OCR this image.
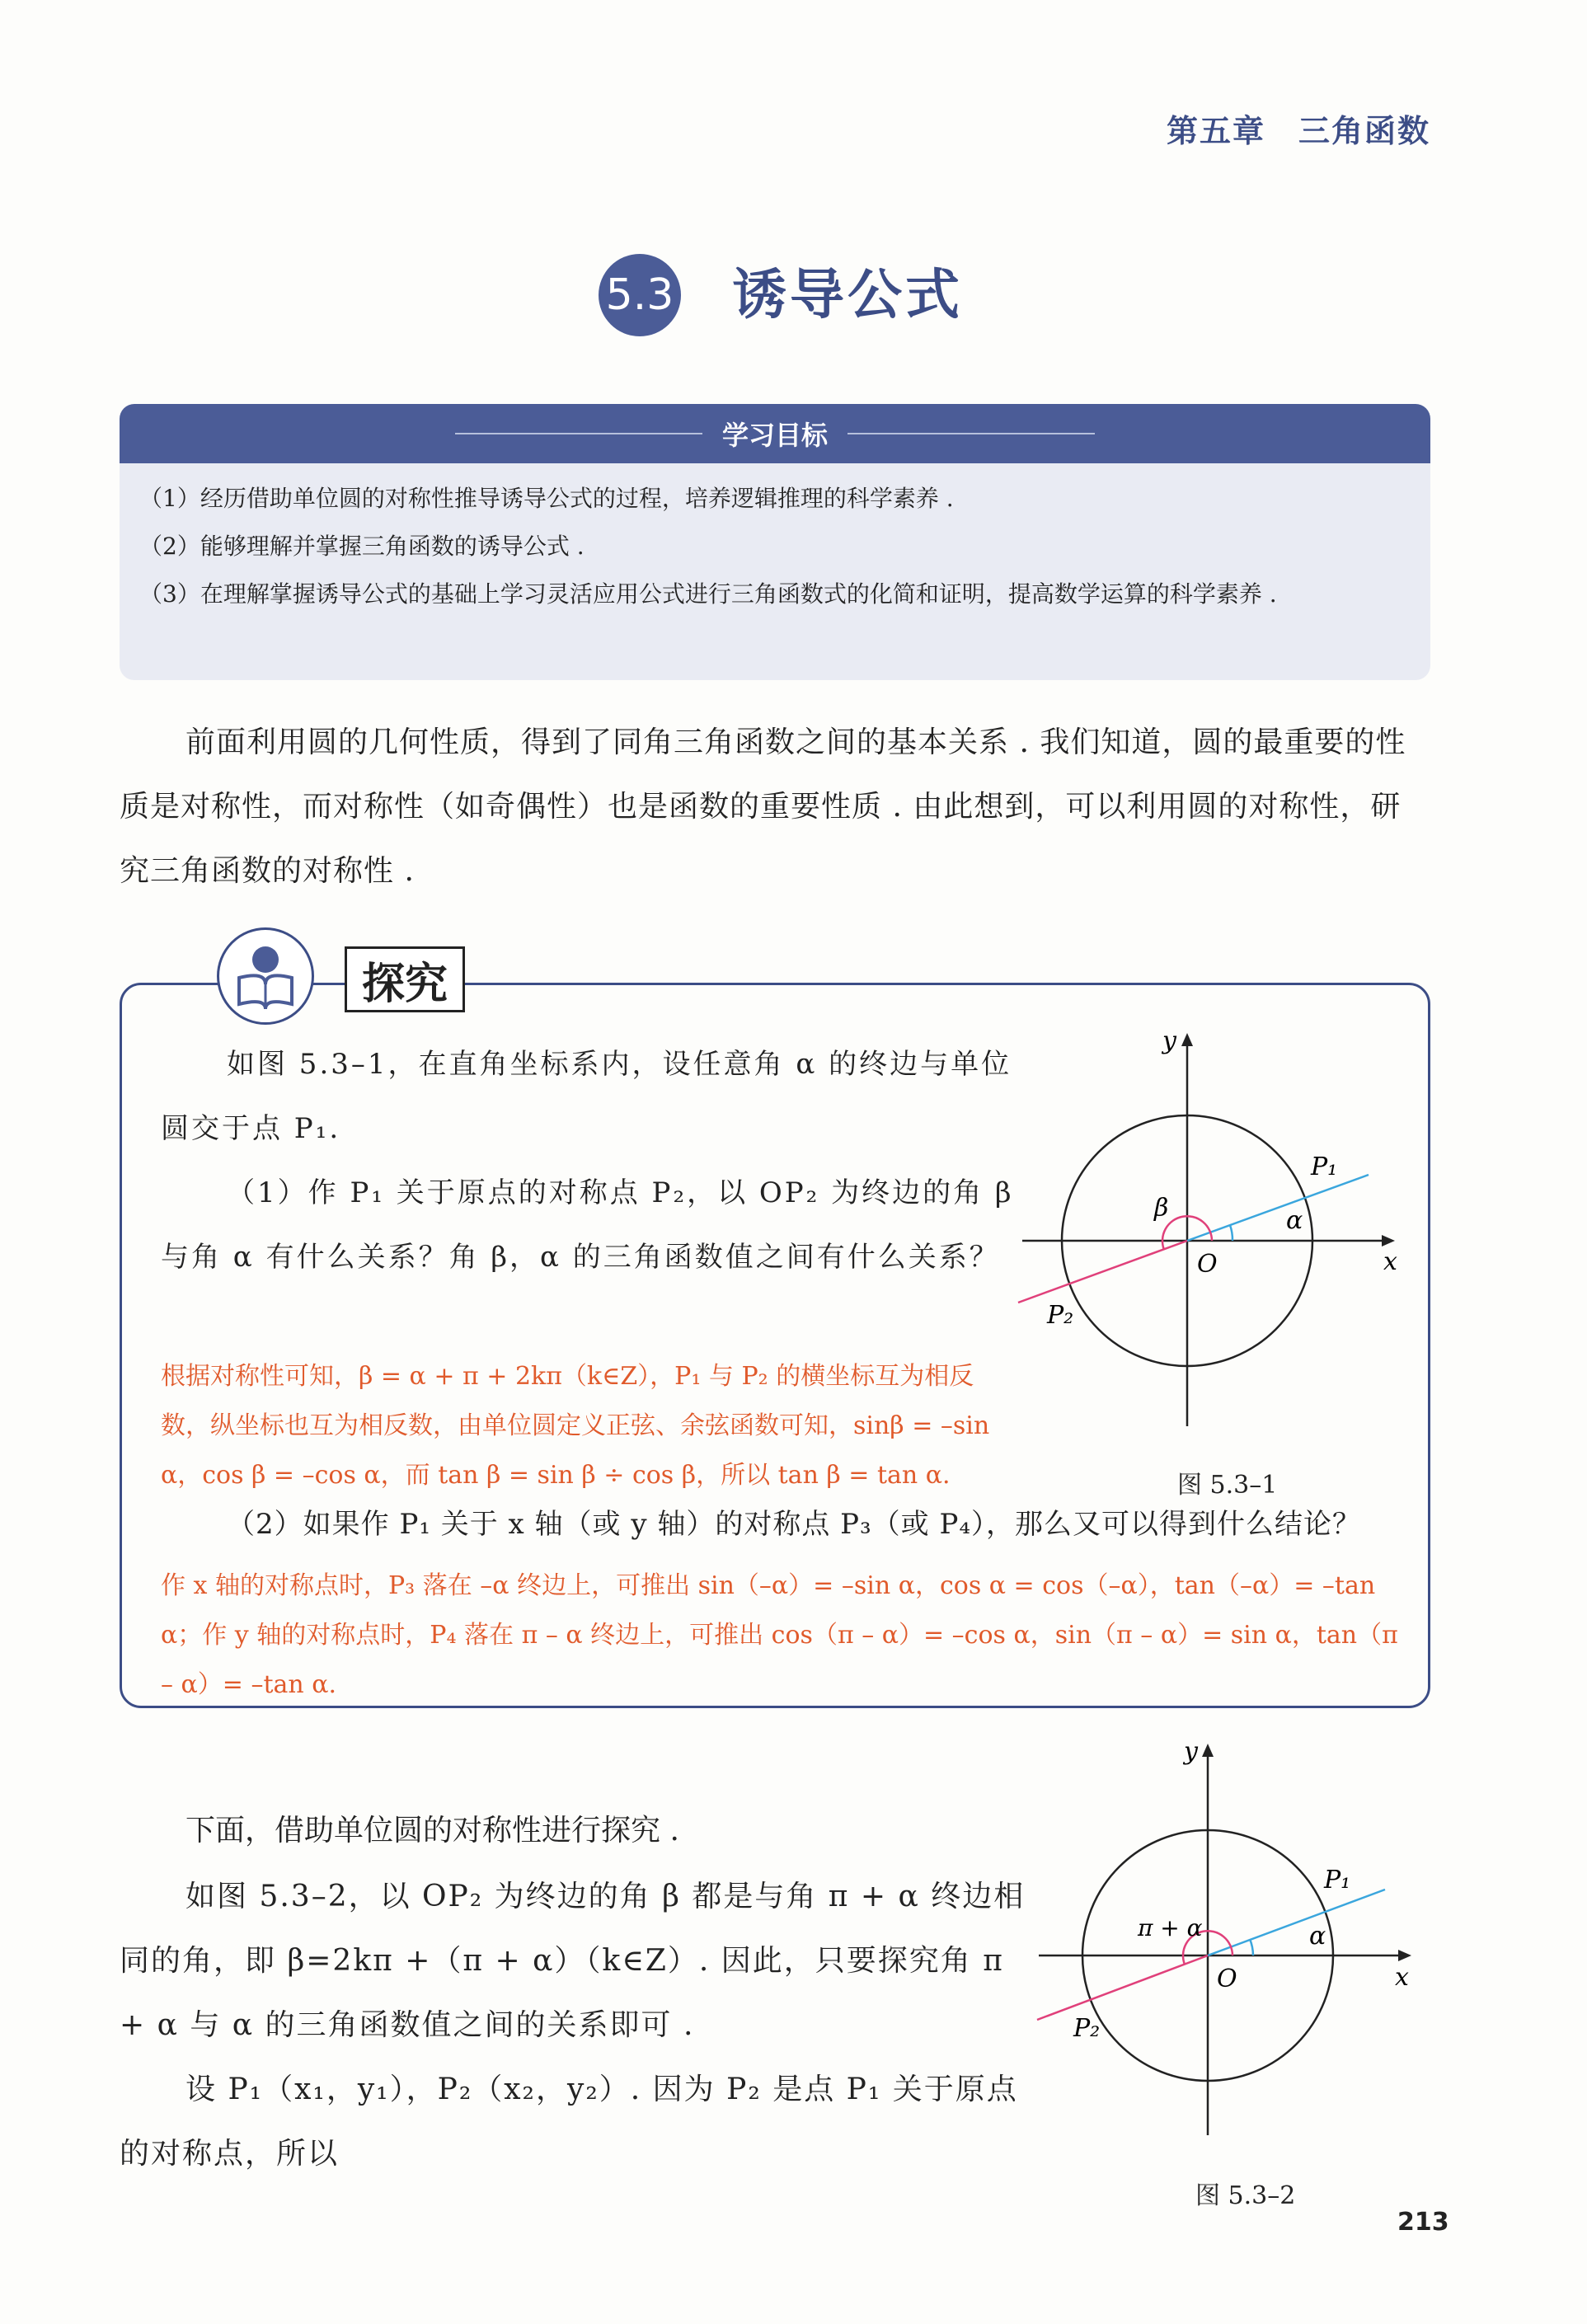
第五章　三角函数
5.3 诱导公式
学习目标
（1）经历借助单位圆的对称性推导诱导公式的过程，培养逻辑推理的科学素养 .
（2）能够理解并掌握三角函数的诱导公式 .
（3）在理解掌握诱导公式的基础上学习灵活应用公式进行三角函数式的化简和证明，提高数学运算的科学素养 .
前面利用圆的几何性质，得到了同角三角函数之间的基本关系 . 我们知道，圆的最重要的性质是对称性，而对称性（如奇偶性）也是函数的重要性质 . 由此想到，可以利用圆的对称性，研究三角函数的对称性 .
探究
如图 5.3–1，在直角坐标系内，设任意角 α 的终边与单位圆交于点 P₁.
（1）作 P₁ 关于原点的对称点 P₂，以 OP₂ 为终边的角 β 与角 α 有什么关系？角 β，α 的三角函数值之间有什么关系？
根据对称性可知，β = α + π + 2kπ（k∈Z），P₁ 与 P₂ 的横坐标互为相反数，纵坐标也互为相反数，由单位圆定义正弦、余弦函数可知，sinβ = –sin α，cos β = –cos α，而 tan β = sin β ÷ cos β，所以 tan β = tan α.
（2）如果作 P₁ 关于 x 轴（或 y 轴）的对称点 P₃（或 P₄），那么又可以得到什么结论？
作 x 轴的对称点时，P₃ 落在 –α 终边上，可推出 sin（–α）= –sin α，cos α = cos（–α），tan（–α）= –tan α；作 y 轴的对称点时，P₄ 落在 π – α 终边上，可推出 cos（π – α）= –cos α，sin（π – α）= sin α，tan（π – α）= –tan α.
x
y
O
P₁
P₂
α
β
图 5.3–1
下面，借助单位圆的对称性进行探究 .
如图 5.3–2，以 OP₂ 为终边的角 β 都是与角 π + α 终边相同的角，即 β=2kπ +（π + α）（k∈Z）. 因此，只要探究角 π + α 与 α 的三角函数值之间的关系即可 .
设 P₁（x₁，y₁），P₂（x₂，y₂）. 因为 P₂ 是点 P₁ 关于原点的对称点，所以
x
y
O
P₁
P₂
α
π + α
图 5.3–2
213
